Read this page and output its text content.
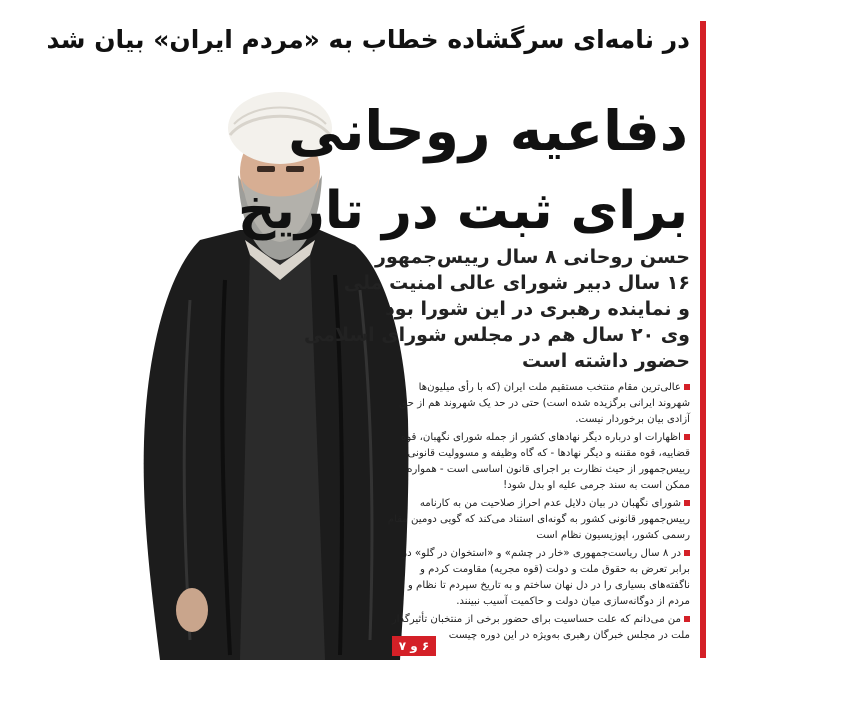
در نامه‌ای سرگشاده خطاب به «مردم ایران» بیان شد
دفاعیه روحانی
برای ثبت در تاریخ
حسن روحانی ۸ سال رییس‌جمهور
۱۶ سال دبیر شورای عالی امنیت ملی
و نماینده رهبری در این شورا بود
وی ۲۰ سال هم در مجلس شورای اسلامی
حضور داشته است
عالی‌ترین مقام منتخب مستقیم ملت ایران (که با رأی میلیون‌ها شهروند ایرانی برگزیده شده است) حتی در حد یک شهروند هم از حق آزادی بیان برخوردار نیست.
اظهارات او درباره دیگر نهادهای کشور از جمله شورای نگهبان، قوه قضاییه، قوه مقننه و دیگر نهادها - که گاه وظیفه و مسوولیت قانونی رییس‌جمهور از حیث نظارت بر اجرای قانون اساسی است - همواره ممکن است به سند جرمی علیه او بدل شود!
شورای نگهبان در بیان دلایل عدم احراز صلاحیت من به کارنامه رییس‌جمهور قانونی کشور به گونه‌ای استناد می‌کند که گویی دومین مقام رسمی کشور، اپوزیسیون نظام است
در ۸ سال ریاست‌جمهوری «خار در چشم» و «استخوان در گلو» در برابر تعرض به حقوق ملت و دولت (قوه مجریه) مقاومت کردم و ناگفته‌های بسیاری را در دل نهان ساختم و به تاریخ سپردم تا نظام و مردم از دوگانه‌سازی میان دولت و حاکمیت آسیب نبینند.
من می‌دانم که علت حساسیت برای حضور برخی از منتخبان تأثیرگذار ملت در مجلس خبرگان رهبری به‌ویژه در این دوره چیست
۶ و ۷
